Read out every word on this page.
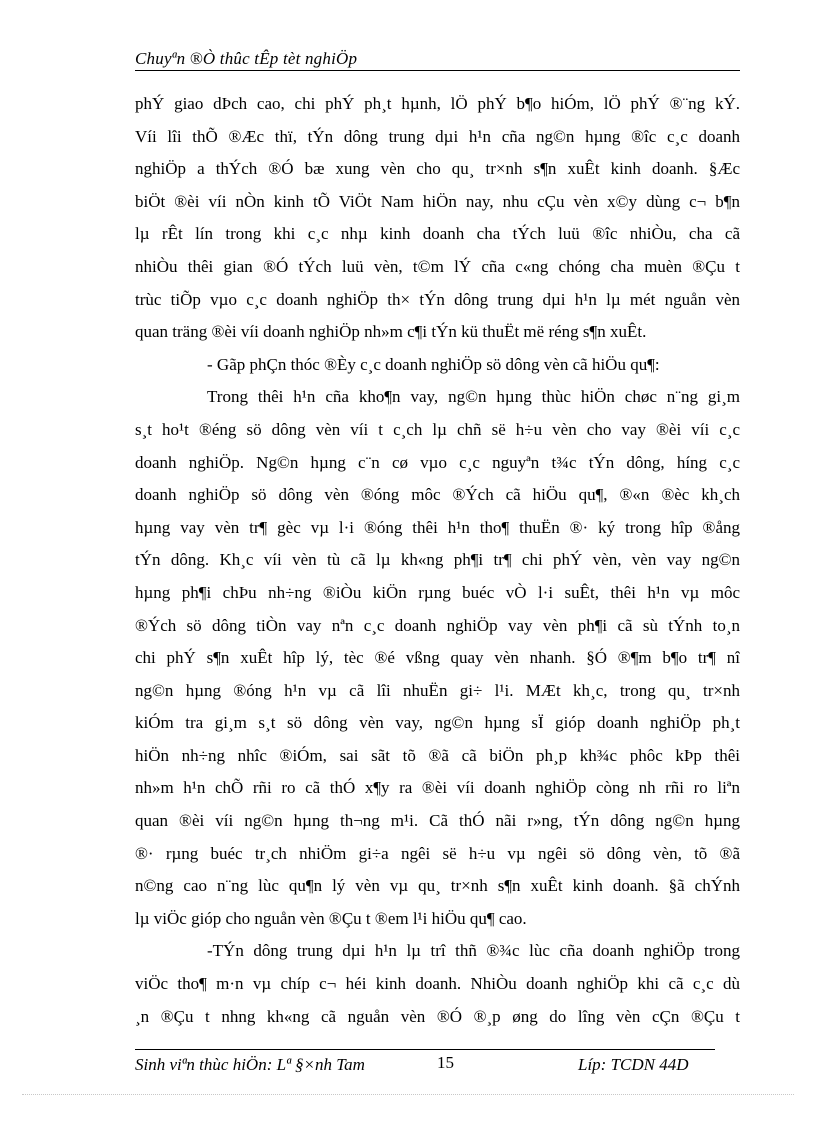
Chuyªn ®Ò thûc tÊp tèt nghiÖp
phÝ giao dÞch cao, chi phÝ ph¸t hµnh, lÖ phÝ b¶o hiÓm, lÖ phÝ ®¨ng kÝ.
Víi lîi thÕ ®Æc thï, tÝn dông trung dµi h¹n cña ng©n hµng ®îc c¸c doanh
nghiÖp a thÝch ®Ó bæ xung vèn cho qu¸ tr×nh s¶n xuÊt kinh doanh. §Æc
biÖt ®èi víi nÒn kinh tÕ ViÖt Nam hiÖn nay, nhu cÇu vèn x©y dùng c¬ b¶n
lµ rÊt lín trong khi c¸c nhµ kinh doanh cha tÝch luü ®îc nhiÒu, cha cã
nhiÒu thêi gian ®Ó tÝch luü vèn, t©m lÝ cña c«ng chóng cha muèn ®Çu t
trùc tiÕp vµo c¸c doanh nghiÖp th× tÝn dông trung dµi h¹n lµ mét nguån vèn
quan träng ®èi víi doanh nghiÖp nh»m c¶i tÝn kü thuËt më réng s¶n xuÊt.
- Gãp phÇn thóc ®Èy c¸c doanh nghiÖp sö dông vèn cã hiÖu qu¶:
Trong thêi h¹n cña kho¶n vay, ng©n hµng thùc hiÖn chøc n¨ng gi¸m
s¸t ho¹t ®éng sö dông vèn víi t c¸ch lµ chñ së h÷u vèn cho vay ®èi víi c¸c
doanh nghiÖp. Ng©n hµng c¨n cø vµo c¸c nguyªn t¾c tÝn dông, híng c¸c
doanh nghiÖp sö dông vèn ®óng môc ®Ých cã hiÖu qu¶, ®«n ®èc kh¸ch
hµng vay vèn tr¶ gèc vµ l·i ®óng thêi h¹n tho¶ thuËn ®· ký trong hîp ®ång
tÝn dông. Kh¸c víi vèn tù cã lµ kh«ng ph¶i tr¶ chi phÝ vèn, vèn vay ng©n
hµng ph¶i chÞu nh÷ng ®iÒu kiÖn rµng buéc vÒ l·i suÊt, thêi h¹n vµ môc
®Ých sö dông tiÒn vay nªn c¸c doanh nghiÖp vay vèn ph¶i cã sù tÝnh to¸n
chi phÝ s¶n xuÊt hîp lý, tèc ®é vßng quay vèn nhanh. §Ó ®¶m b¶o tr¶ nî
ng©n hµng ®óng h¹n vµ cã lîi nhuËn gi÷ l¹i. MÆt kh¸c, trong qu¸ tr×nh
kiÓm tra gi¸m s¸t sö dông vèn vay, ng©n hµng sÏ gióp doanh nghiÖp ph¸t
hiÖn nh÷ng nhîc ®iÓm, sai sãt tõ ®ã cã biÖn ph¸p kh¾c phôc kÞp thêi
nh»m h¹n chÕ rñi ro cã thÓ x¶y ra ®èi víi doanh nghiÖp còng nh rñi ro liªn
quan ®èi víi ng©n hµng th¬ng m¹i. Cã thÓ nãi r»ng, tÝn dông ng©n hµng
®· rµng buéc tr¸ch nhiÖm gi÷a ngêi së h÷u vµ ngêi sö dông vèn, tõ ®ã
n©ng cao n¨ng lùc qu¶n lý vèn vµ qu¸ tr×nh s¶n xuÊt kinh doanh. §ã chÝnh
lµ viÖc gióp cho nguån vèn ®Çu t ®em l¹i hiÖu qu¶ cao.
-TÝn dông trung dµi h¹n lµ trî thñ ®¾c lùc cña doanh nghiÖp trong
viÖc tho¶ m·n vµ chíp c¬ héi kinh doanh. NhiÒu doanh nghiÖp khi cã c¸c dù
¸n ®Çu t nhng kh«ng cã nguån vèn ®Ó ®¸p øng do lîng vèn cÇn ®Çu t
Sinh viªn thùc hiÖn: Lª §×nh Tam	15	Líp: TCDN 44D
